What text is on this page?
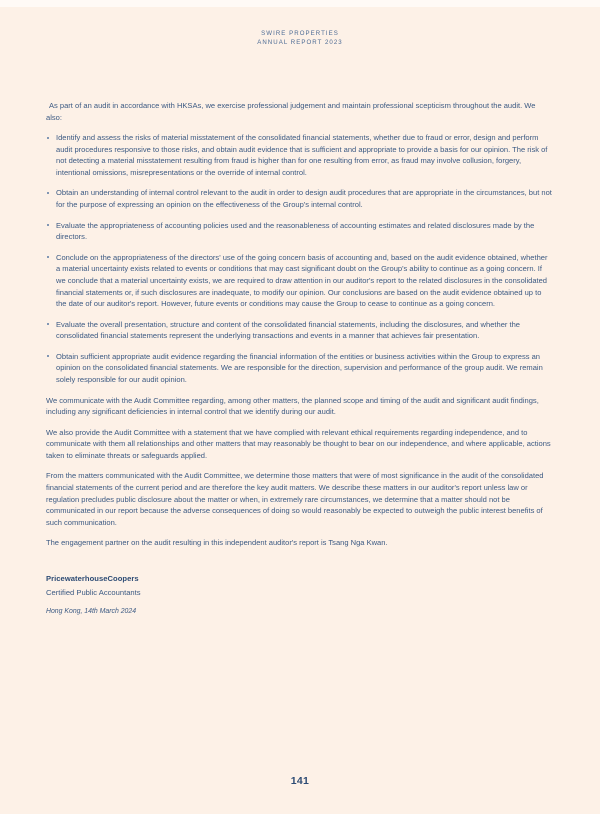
SWIRE PROPERTIES
ANNUAL REPORT 2023

As part of an audit in accordance with HKSAs, we exercise professional judgement and maintain professional scepticism throughout the audit. We also:

Identify and assess the risks of material misstatement of the consolidated financial statements, whether due to fraud or error, design and perform audit procedures responsive to those risks, and obtain audit evidence that is sufficient and appropriate to provide a basis for our opinion. The risk of not detecting a material misstatement resulting from fraud is higher than for one resulting from error, as fraud may involve collusion, forgery, intentional omissions, misrepresentations or the override of internal control.
Obtain an understanding of internal control relevant to the audit in order to design audit procedures that are appropriate in the circumstances, but not for the purpose of expressing an opinion on the effectiveness of the Group's internal control.
Evaluate the appropriateness of accounting policies used and the reasonableness of accounting estimates and related disclosures made by the directors.
Conclude on the appropriateness of the directors' use of the going concern basis of accounting and, based on the audit evidence obtained, whether a material uncertainty exists related to events or conditions that may cast significant doubt on the Group's ability to continue as a going concern. If we conclude that a material uncertainty exists, we are required to draw attention in our auditor's report to the related disclosures in the consolidated financial statements or, if such disclosures are inadequate, to modify our opinion. Our conclusions are based on the audit evidence obtained up to the date of our auditor's report. However, future events or conditions may cause the Group to cease to continue as a going concern.
Evaluate the overall presentation, structure and content of the consolidated financial statements, including the disclosures, and whether the consolidated financial statements represent the underlying transactions and events in a manner that achieves fair presentation.
Obtain sufficient appropriate audit evidence regarding the financial information of the entities or business activities within the Group to express an opinion on the consolidated financial statements. We are responsible for the direction, supervision and performance of the group audit. We remain solely responsible for our audit opinion.

We communicate with the Audit Committee regarding, among other matters, the planned scope and timing of the audit and significant audit findings, including any significant deficiencies in internal control that we identify during our audit.

We also provide the Audit Committee with a statement that we have complied with relevant ethical requirements regarding independence, and to communicate with them all relationships and other matters that may reasonably be thought to bear on our independence, and where applicable, actions taken to eliminate threats or safeguards applied.

From the matters communicated with the Audit Committee, we determine those matters that were of most significance in the audit of the consolidated financial statements of the current period and are therefore the key audit matters. We describe these matters in our auditor's report unless law or regulation precludes public disclosure about the matter or when, in extremely rare circumstances, we determine that a matter should not be communicated in our report because the adverse consequences of doing so would reasonably be expected to outweigh the public interest benefits of such communication.

The engagement partner on the audit resulting in this independent auditor's report is Tsang Nga Kwan.

PricewaterhouseCoopers

Certified Public Accountants

Hong Kong, 14th March 2024

141
